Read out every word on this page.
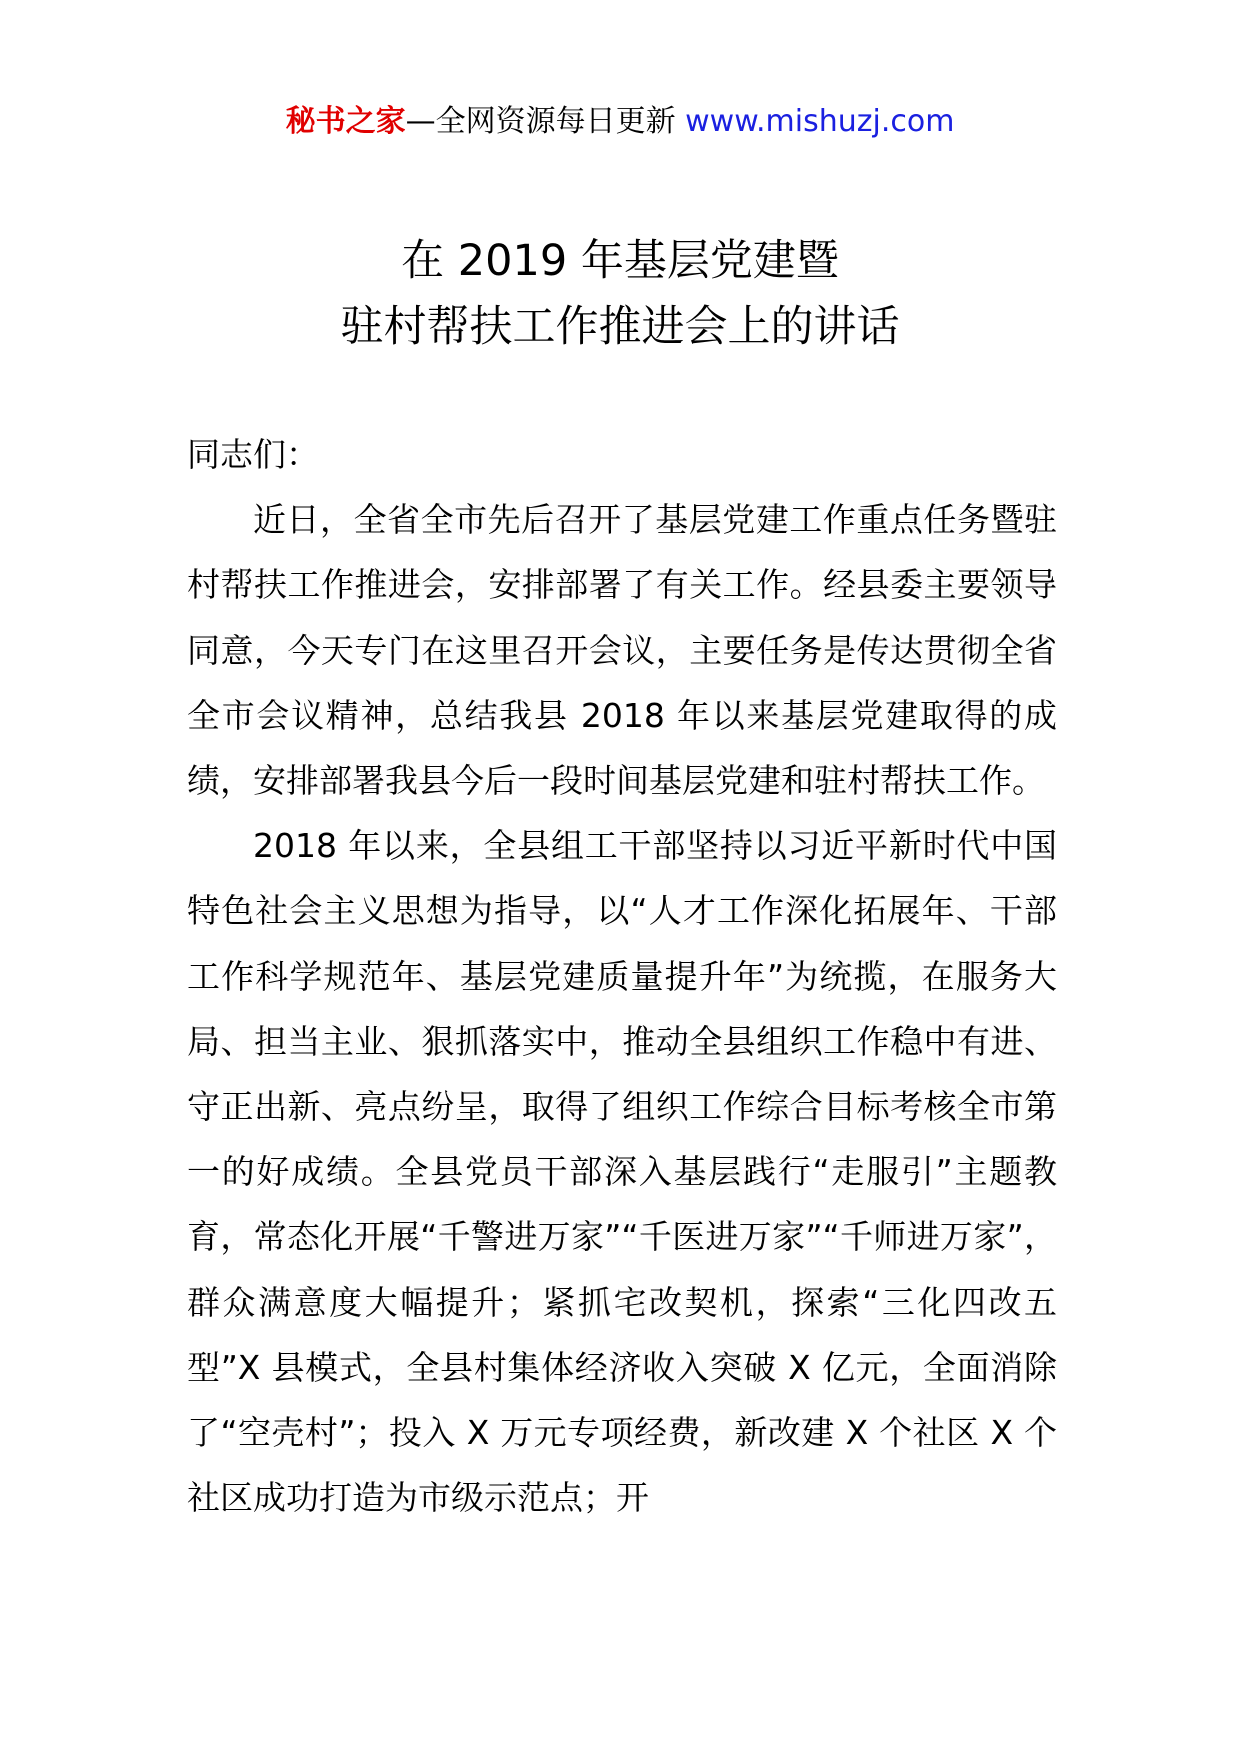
秘书之家—全网资源每日更新 www.mishuzj.com
在 2019 年基层党建暨
驻村帮扶工作推进会上的讲话

同志们：

近日，全省全市先后召开了基层党建工作重点任务暨驻村帮扶工作推进会，安排部署了有关工作。经县委主要领导同意，今天专门在这里召开会议，主要任务是传达贯彻全省全市会议精神，总结我县 2018 年以来基层党建取得的成绩，安排部署我县今后一段时间基层党建和驻村帮扶工作。

2018 年以来，全县组工干部坚持以习近平新时代中国特色社会主义思想为指导，以“人才工作深化拓展年、干部工作科学规范年、基层党建质量提升年”为统揽，在服务大局、担当主业、狠抓落实中，推动全县组织工作稳中有进、守正出新、亮点纷呈，取得了组织工作综合目标考核全市第一的好成绩。全县党员干部深入基层践行“走服引”主题教育，常态化开展“千警进万家”“千医进万家”“千师进万家”，群众满意度大幅提升；紧抓宅改契机，探索“三化四改五型”X 县模式，全县村集体经济收入突破 X 亿元，全面消除了“空壳村”；投入 X 万元专项经费，新改建 X 个社区 X 个社区成功打造为市级示范点；开
